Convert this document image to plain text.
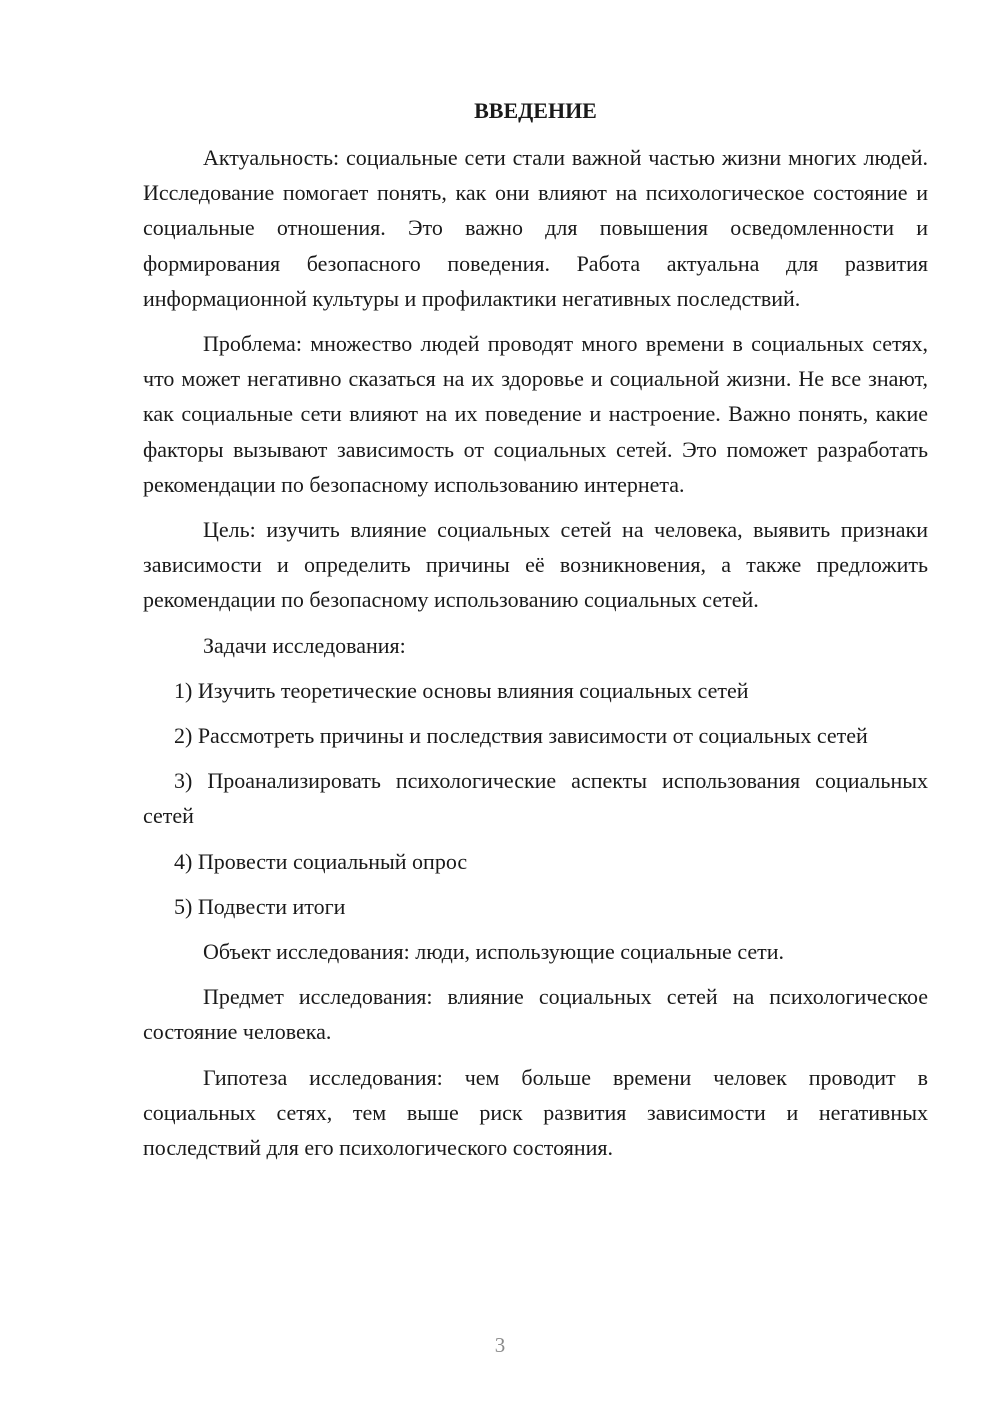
ВВЕДЕНИЕ

Актуальность: социальные сети стали важной частью жизни многих людей. Исследование помогает понять, как они влияют на психологическое состояние и социальные отношения. Это важно для повышения осведомленности и формирования безопасного поведения. Работа актуальна для развития информационной культуры и профилактики негативных последствий.

Проблема: множество людей проводят много времени в социальных сетях, что может негативно сказаться на их здоровье и социальной жизни. Не все знают, как социальные сети влияют на их поведение и настроение. Важно понять, какие факторы вызывают зависимость от социальных сетей. Это поможет разработать рекомендации по безопасному использованию интернета.

Цель: изучить влияние социальных сетей на человека, выявить признаки зависимости и определить причины её возникновения, а также предложить рекомендации по безопасному использованию социальных сетей.

Задачи исследования:

1) Изучить теоретические основы влияния социальных сетей

2) Рассмотреть причины и последствия зависимости от социальных сетей

3) Проанализировать психологические аспекты использования социальных сетей

4) Провести социальный опрос

5) Подвести итоги

Объект исследования: люди, использующие социальные сети.

Предмет исследования: влияние социальных сетей на психологическое состояние человека.

Гипотеза исследования: чем больше времени человек проводит в социальных сетях, тем выше риск развития зависимости и негативных последствий для его психологического состояния.

3
